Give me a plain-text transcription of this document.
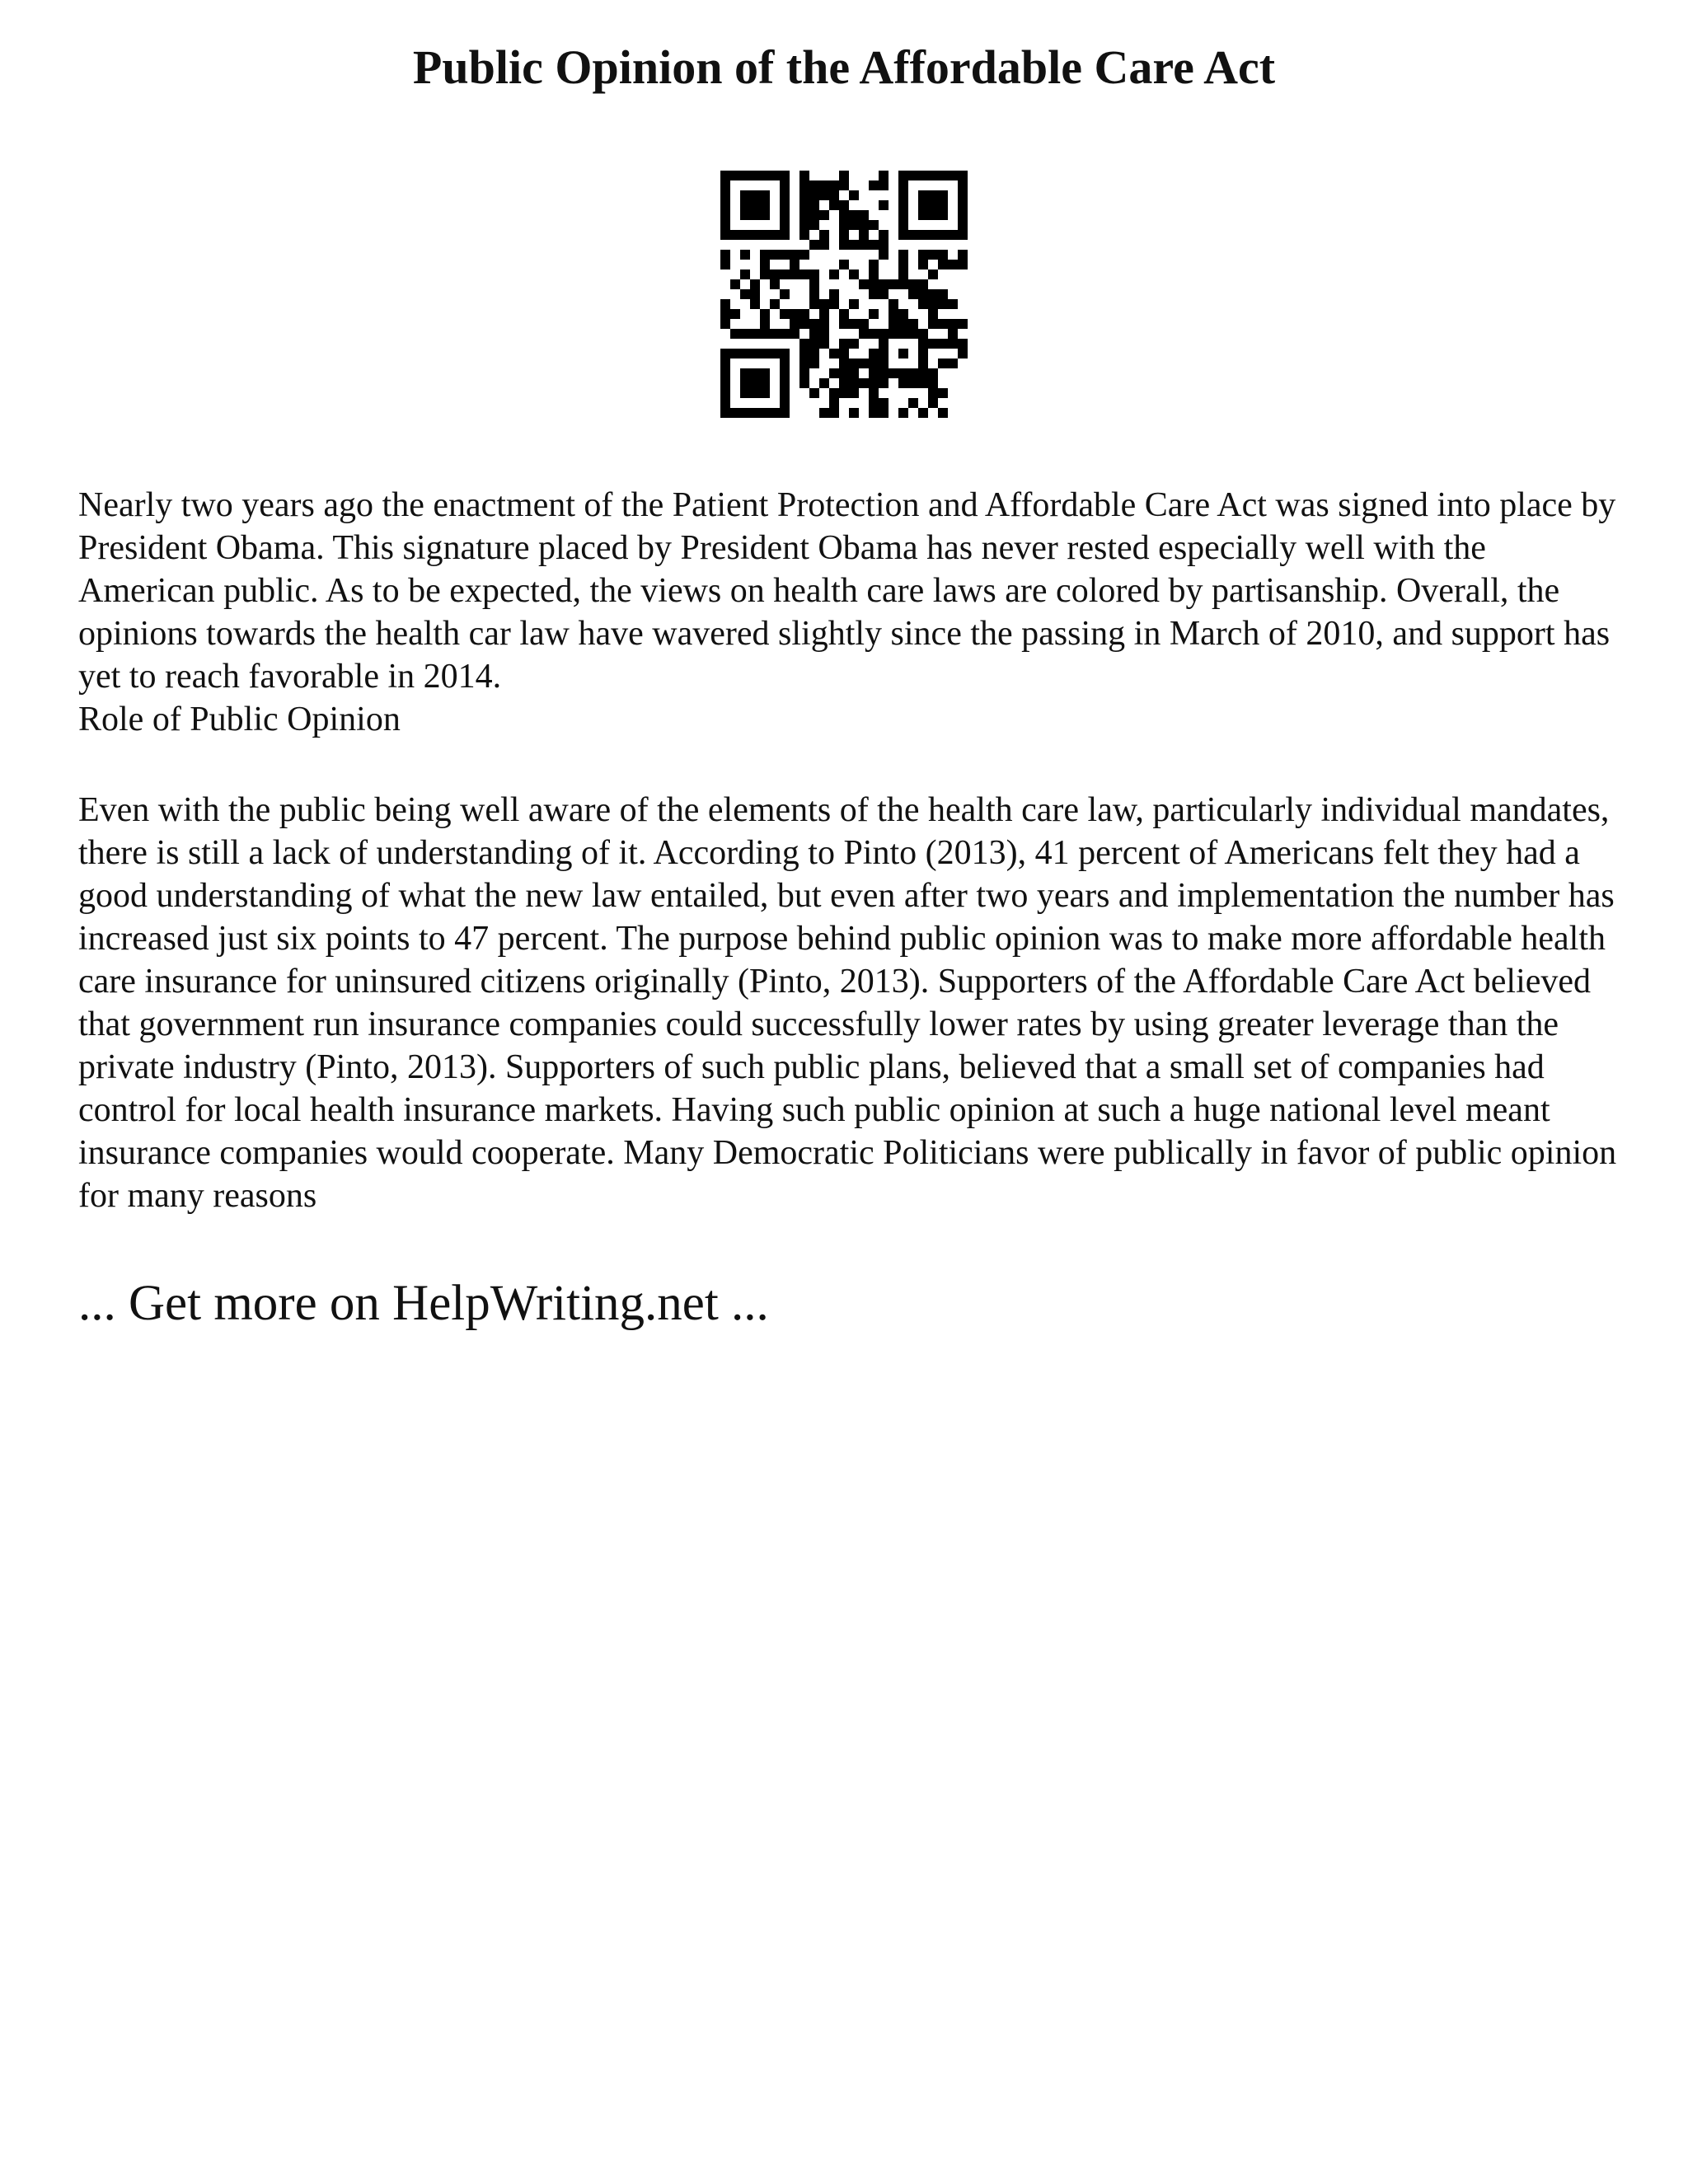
Public Opinion of the Affordable Care Act

Nearly two years ago the enactment of the Patient Protection and Affordable Care Act was signed into place by President Obama. This signature placed by President Obama has never rested especially well with the American public. As to be expected, the views on health care laws are colored by partisanship. Overall, the opinions towards the health car law have wavered slightly since the passing in March of 2010, and support has yet to reach favorable in 2014.

Role of Public Opinion

Even with the public being well aware of the elements of the health care law, particularly individual mandates, there is still a lack of understanding of it. According to Pinto (2013), 41 percent of Americans felt they had a good understanding of what the new law entailed, but even after two years and implementation the number has increased just six points to 47 percent. The purpose behind public opinion was to make more affordable health care insurance for uninsured citizens originally (Pinto, 2013). Supporters of the Affordable Care Act believed that government run insurance companies could successfully lower rates by using greater leverage than the private industry (Pinto, 2013). Supporters of such public plans, believed that a small set of companies had control for local health insurance markets. Having such public opinion at such a huge national level meant insurance companies would cooperate. Many Democratic Politicians were publically in favor of public opinion for many reasons

... Get more on HelpWriting.net ...
